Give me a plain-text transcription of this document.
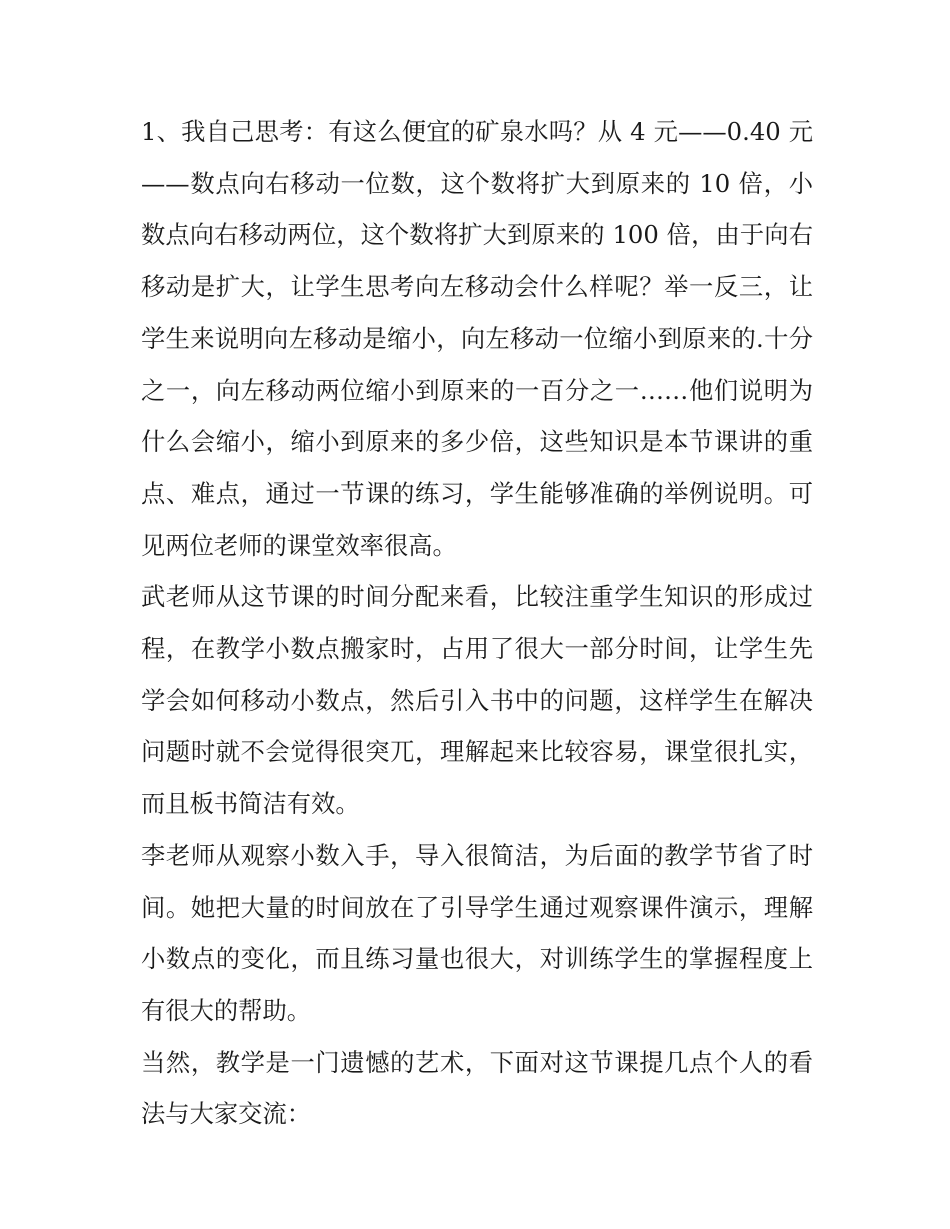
1、我自己思考：有这么便宜的矿泉水吗？从 4 元——0.40 元——数点向右移动一位数，这个数将扩大到原来的 10 倍，小数点向右移动两位，这个数将扩大到原来的 100 倍，由于向右移动是扩大，让学生思考向左移动会什么样呢？举一反三，让学生来说明向左移动是缩小，向左移动一位缩小到原来的.十分之一，向左移动两位缩小到原来的一百分之一……他们说明为什么会缩小，缩小到原来的多少倍，这些知识是本节课讲的重点、难点，通过一节课的练习，学生能够准确的举例说明。可见两位老师的课堂效率很高。

武老师从这节课的时间分配来看，比较注重学生知识的形成过程，在教学小数点搬家时，占用了很大一部分时间，让学生先学会如何移动小数点，然后引入书中的问题，这样学生在解决问题时就不会觉得很突兀，理解起来比较容易，课堂很扎实，而且板书简洁有效。

李老师从观察小数入手，导入很简洁，为后面的教学节省了时间。她把大量的时间放在了引导学生通过观察课件演示，理解小数点的变化，而且练习量也很大，对训练学生的掌握程度上有很大的帮助。

当然，教学是一门遗憾的艺术，下面对这节课提几点个人的看法与大家交流：
